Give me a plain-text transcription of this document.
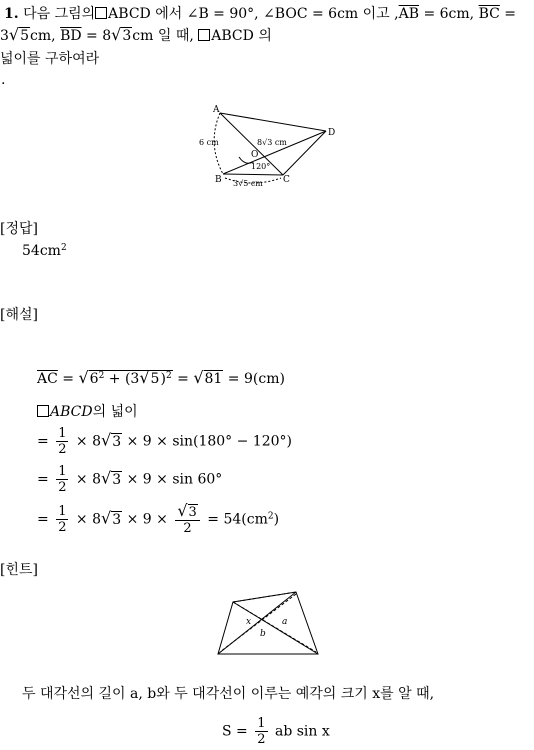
1. 다음 그림의 ABCD 에서 ∠B = 90°, ∠BOC = 6cm 이고 $,\overline{AB} = 6cm$, $\overline{BC}$ =
3√5cm, $\overline{BD} = 8√3cm$ 일 때, ABCD 의
넓이를 구하여라
.
A
B	C
D
O
6 cm	8√3 cm
120°
3√5 cm
[정답]
$54cm^2$
[해설]
$\overline{AC} = √6^2 + (3√5)^2 = √81 = 9(cm)$
ABCD의 넓이
= $\frac{1}{2} \times 8√3 \times 9 \times \sin(180^\circ - 120^\circ)$
= $\frac{1}{2} \times 8√3 \times 9 \times \sin 60^\circ$
= $\frac{1}{2} \times 8√3 \times 9 \times \frac{√3}{2} = 54(cm^2)$
[힌트]
x	a
b
두 대각선의 길이 a, b와 두 대각선이 이루는 예각의 크기 x를 알 때,
$S = \frac{1}{2}$ ab sin x
